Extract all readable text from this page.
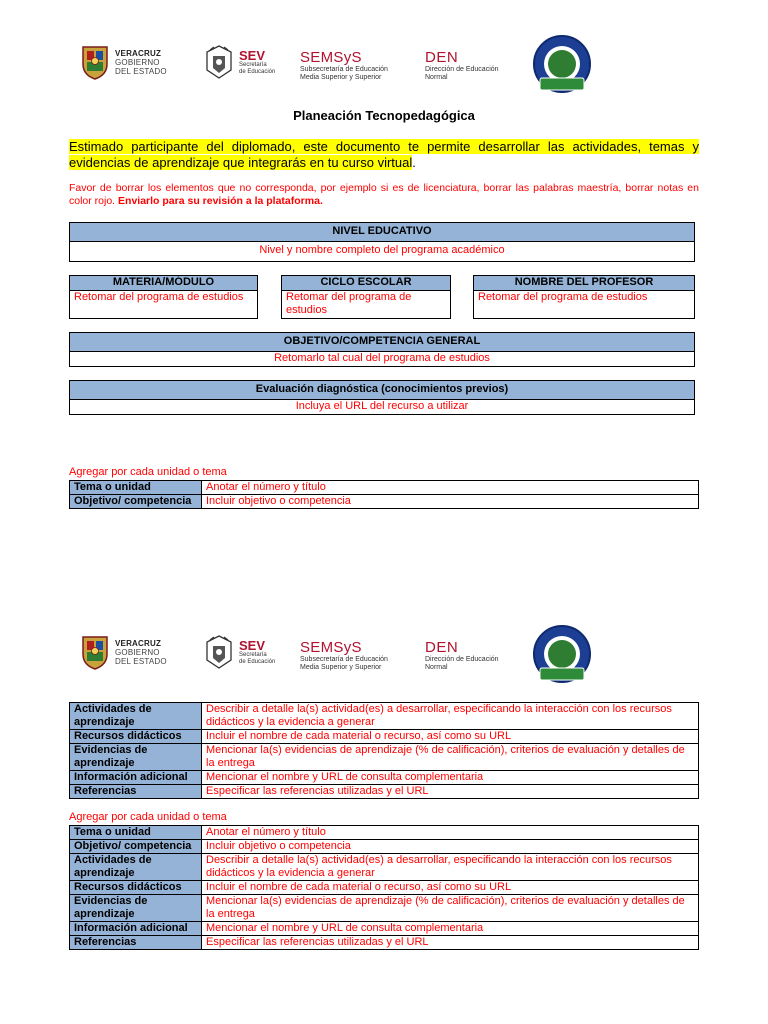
VERACRUZ
GOBIERNO
DEL ESTADO
SEV
Secretaría
de Educación
SEMSyS
Subsecretaría de Educación
Media Superior y Superior
DEN
Dirección de Educación
Normal
Planeación Tecnopedagógica
Estimado participante del diplomado, este documento te permite desarrollar las actividades, temas y evidencias de aprendizaje que integrarás en tu curso virtual.
Favor de borrar los elementos que no corresponda, por ejemplo si es de licenciatura, borrar las palabras maestría, borrar notas en color rojo. Enviarlo para su revisión a la plataforma.
NIVEL EDUCATIVO
Nivel y nombre completo del programa académico
MATERIA/MÓDULO
Retomar del programa de estudios
CICLO ESCOLAR
Retomar del programa de estudios
NOMBRE DEL PROFESOR
Retomar del programa de estudios
OBJETIVO/COMPETENCIA GENERAL
Retomarlo tal cual del programa de estudios
Evaluación diagnóstica (conocimientos previos)
Incluya el URL del recurso a utilizar
Agregar por cada unidad o tema
Tema o unidad	Anotar el número y título
Objetivo/ competencia	Incluir objetivo o competencia
VERACRUZ
GOBIERNO
DEL ESTADO
SEV
Secretaría
de Educación
SEMSyS
Subsecretaría de Educación
Media Superior y Superior
DEN
Dirección de Educación
Normal
Actividades de aprendizaje	Describir a detalle la(s) actividad(es) a desarrollar, especificando la interacción con los recursos didácticos y la evidencia a generar
Recursos didácticos	Incluir el nombre de cada material o recurso, así como su URL
Evidencias de aprendizaje	Mencionar la(s) evidencias de aprendizaje (% de calificación), criterios de evaluación y detalles de la entrega
Información adicional	Mencionar el nombre y URL de consulta complementaria
Referencias	Especificar las referencias utilizadas y el URL
Agregar por cada unidad o tema
Tema o unidad	Anotar el número y título
Objetivo/ competencia	Incluir objetivo o competencia
Actividades de aprendizaje	Describir a detalle la(s) actividad(es) a desarrollar, especificando la interacción con los recursos didácticos y la evidencia a generar
Recursos didácticos	Incluir el nombre de cada material o recurso, así como su URL
Evidencias de aprendizaje	Mencionar la(s) evidencias de aprendizaje (% de calificación), criterios de evaluación y detalles de la entrega
Información adicional	Mencionar el nombre y URL de consulta complementaria
Referencias	Especificar las referencias utilizadas y el URL
